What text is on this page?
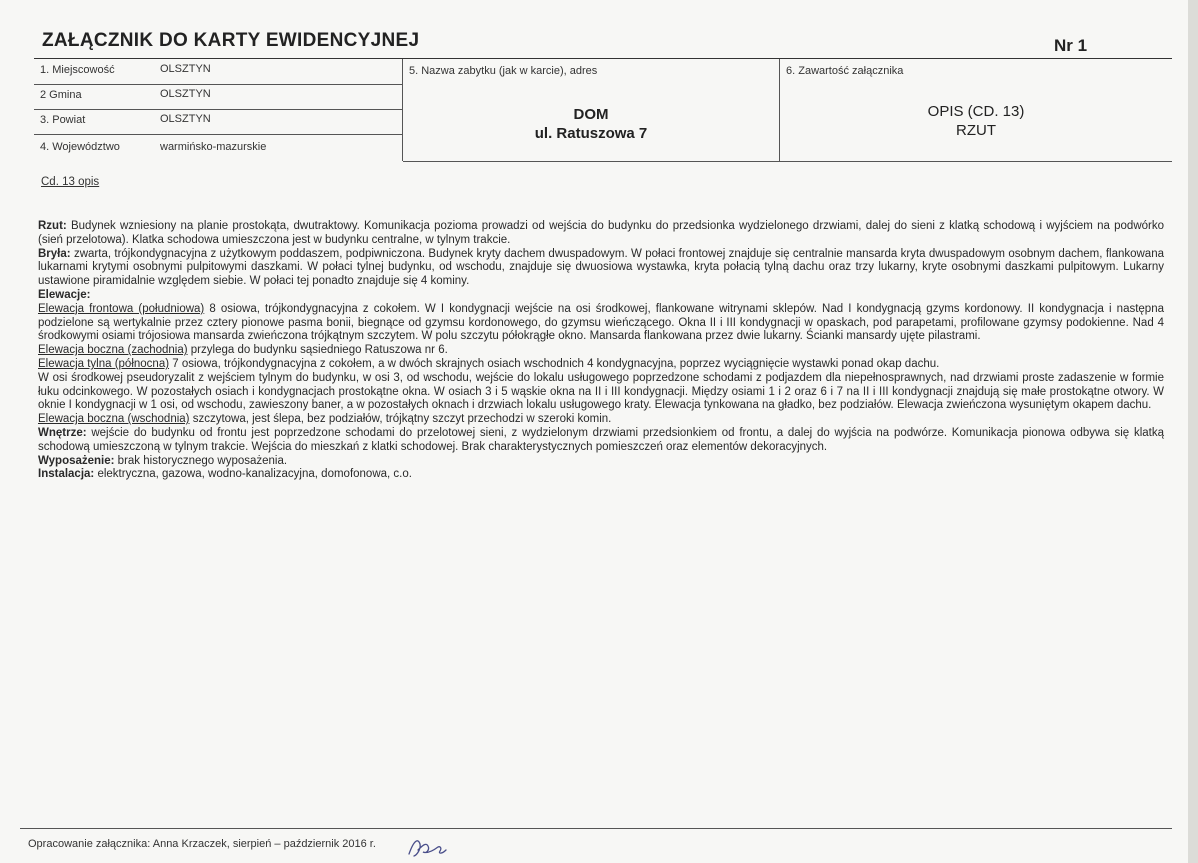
ZAŁĄCZNIK DO KARTY EWIDENCYJNEJ	Nr 1
1. Miejscowość	OLSZTYN
2 Gmina	OLSZTYN
3. Powiat	OLSZTYN
4. Województwo	warmińsko-mazurskie
5. Nazwa zabytku (jak w karcie), adres
DOM
ul. Ratuszowa 7
6. Zawartość załącznika
OPIS (CD. 13)
RZUT
Cd. 13 opis

Rzut: Budynek wzniesiony na planie prostokąta, dwutraktowy. Komunikacja pozioma prowadzi od wejścia do budynku do przedsionka wydzielonego drzwiami, dalej do sieni z klatką schodową i wyjściem na podwórko (sień przelotowa). Klatka schodowa umieszczona jest w budynku centralne, w tylnym trakcie.

Bryła: zwarta, trójkondygnacyjna z użytkowym poddaszem, podpiwniczona. Budynek kryty dachem dwuspadowym. W połaci frontowej znajduje się centralnie mansarda kryta dwuspadowym osobnym dachem, flankowana lukarnami krytymi osobnymi pulpitowymi daszkami. W połaci tylnej budynku, od wschodu, znajduje się dwuosiowa wystawka, kryta połacią tylną dachu oraz trzy lukarny, kryte osobnymi daszkami pulpitowym. Lukarny ustawione piramidalnie względem siebie. W połaci tej ponadto znajduje się 4 kominy.

Elewacje:

Elewacja frontowa (południowa) 8 osiowa, trójkondygnacyjna z cokołem. W I kondygnacji wejście na osi środkowej, flankowane witrynami sklepów. Nad I kondygnacją gzyms kordonowy. II kondygnacja i następna podzielone są wertykalnie przez cztery pionowe pasma bonii, biegnące od gzymsu kordonowego, do gzymsu wieńczącego. Okna II i III kondygnacji w opaskach, pod parapetami, profilowane gzymsy podokienne. Nad 4 środkowymi osiami trójosiowa mansarda zwieńczona trójkątnym szczytem. W polu szczytu półokrągłe okno. Mansarda flankowana przez dwie lukarny. Ścianki mansardy ujęte pilastrami.

Elewacja boczna (zachodnia) przylega do budynku sąsiedniego Ratuszowa nr 6.

Elewacja tylna (północna) 7 osiowa, trójkondygnacyjna z cokołem, a w dwóch skrajnych osiach wschodnich 4 kondygnacyjna, poprzez wyciągnięcie wystawki ponad okap dachu.

W osi środkowej pseudoryzalit z wejściem tylnym do budynku, w osi 3, od wschodu, wejście do lokalu usługowego poprzedzone schodami z podjazdem dla niepełnosprawnych, nad drzwiami proste zadaszenie w formie łuku odcinkowego. W pozostałych osiach i kondygnacjach prostokątne okna. W osiach 3 i 5 wąskie okna na II i III kondygnacji. Między osiami 1 i 2 oraz 6 i 7 na II i III kondygnacji znajdują się małe prostokątne otwory. W oknie I kondygnacji w 1 osi, od wschodu, zawieszony baner, a w pozostałych oknach i drzwiach lokalu usługowego kraty. Elewacja tynkowana na gładko, bez podziałów. Elewacja zwieńczona wysuniętym okapem dachu.

Elewacja boczna (wschodnia) szczytowa, jest ślepa, bez podziałów, trójkątny szczyt przechodzi w szeroki komin.

Wnętrze: wejście do budynku od frontu jest poprzedzone schodami do przelotowej sieni, z wydzielonym drzwiami przedsionkiem od frontu, a dalej do wyjścia na podwórze. Komunikacja pionowa odbywa się klatką schodową umieszczoną w tylnym trakcie. Wejścia do mieszkań z klatki schodowej. Brak charakterystycznych pomieszczeń oraz elementów dekoracyjnych.

Wyposażenie: brak historycznego wyposażenia.

Instalacja: elektryczna, gazowa, wodno-kanalizacyjna, domofonowa, c.o.

Opracowanie załącznika: Anna Krzaczek, sierpień – październik 2016 r.
